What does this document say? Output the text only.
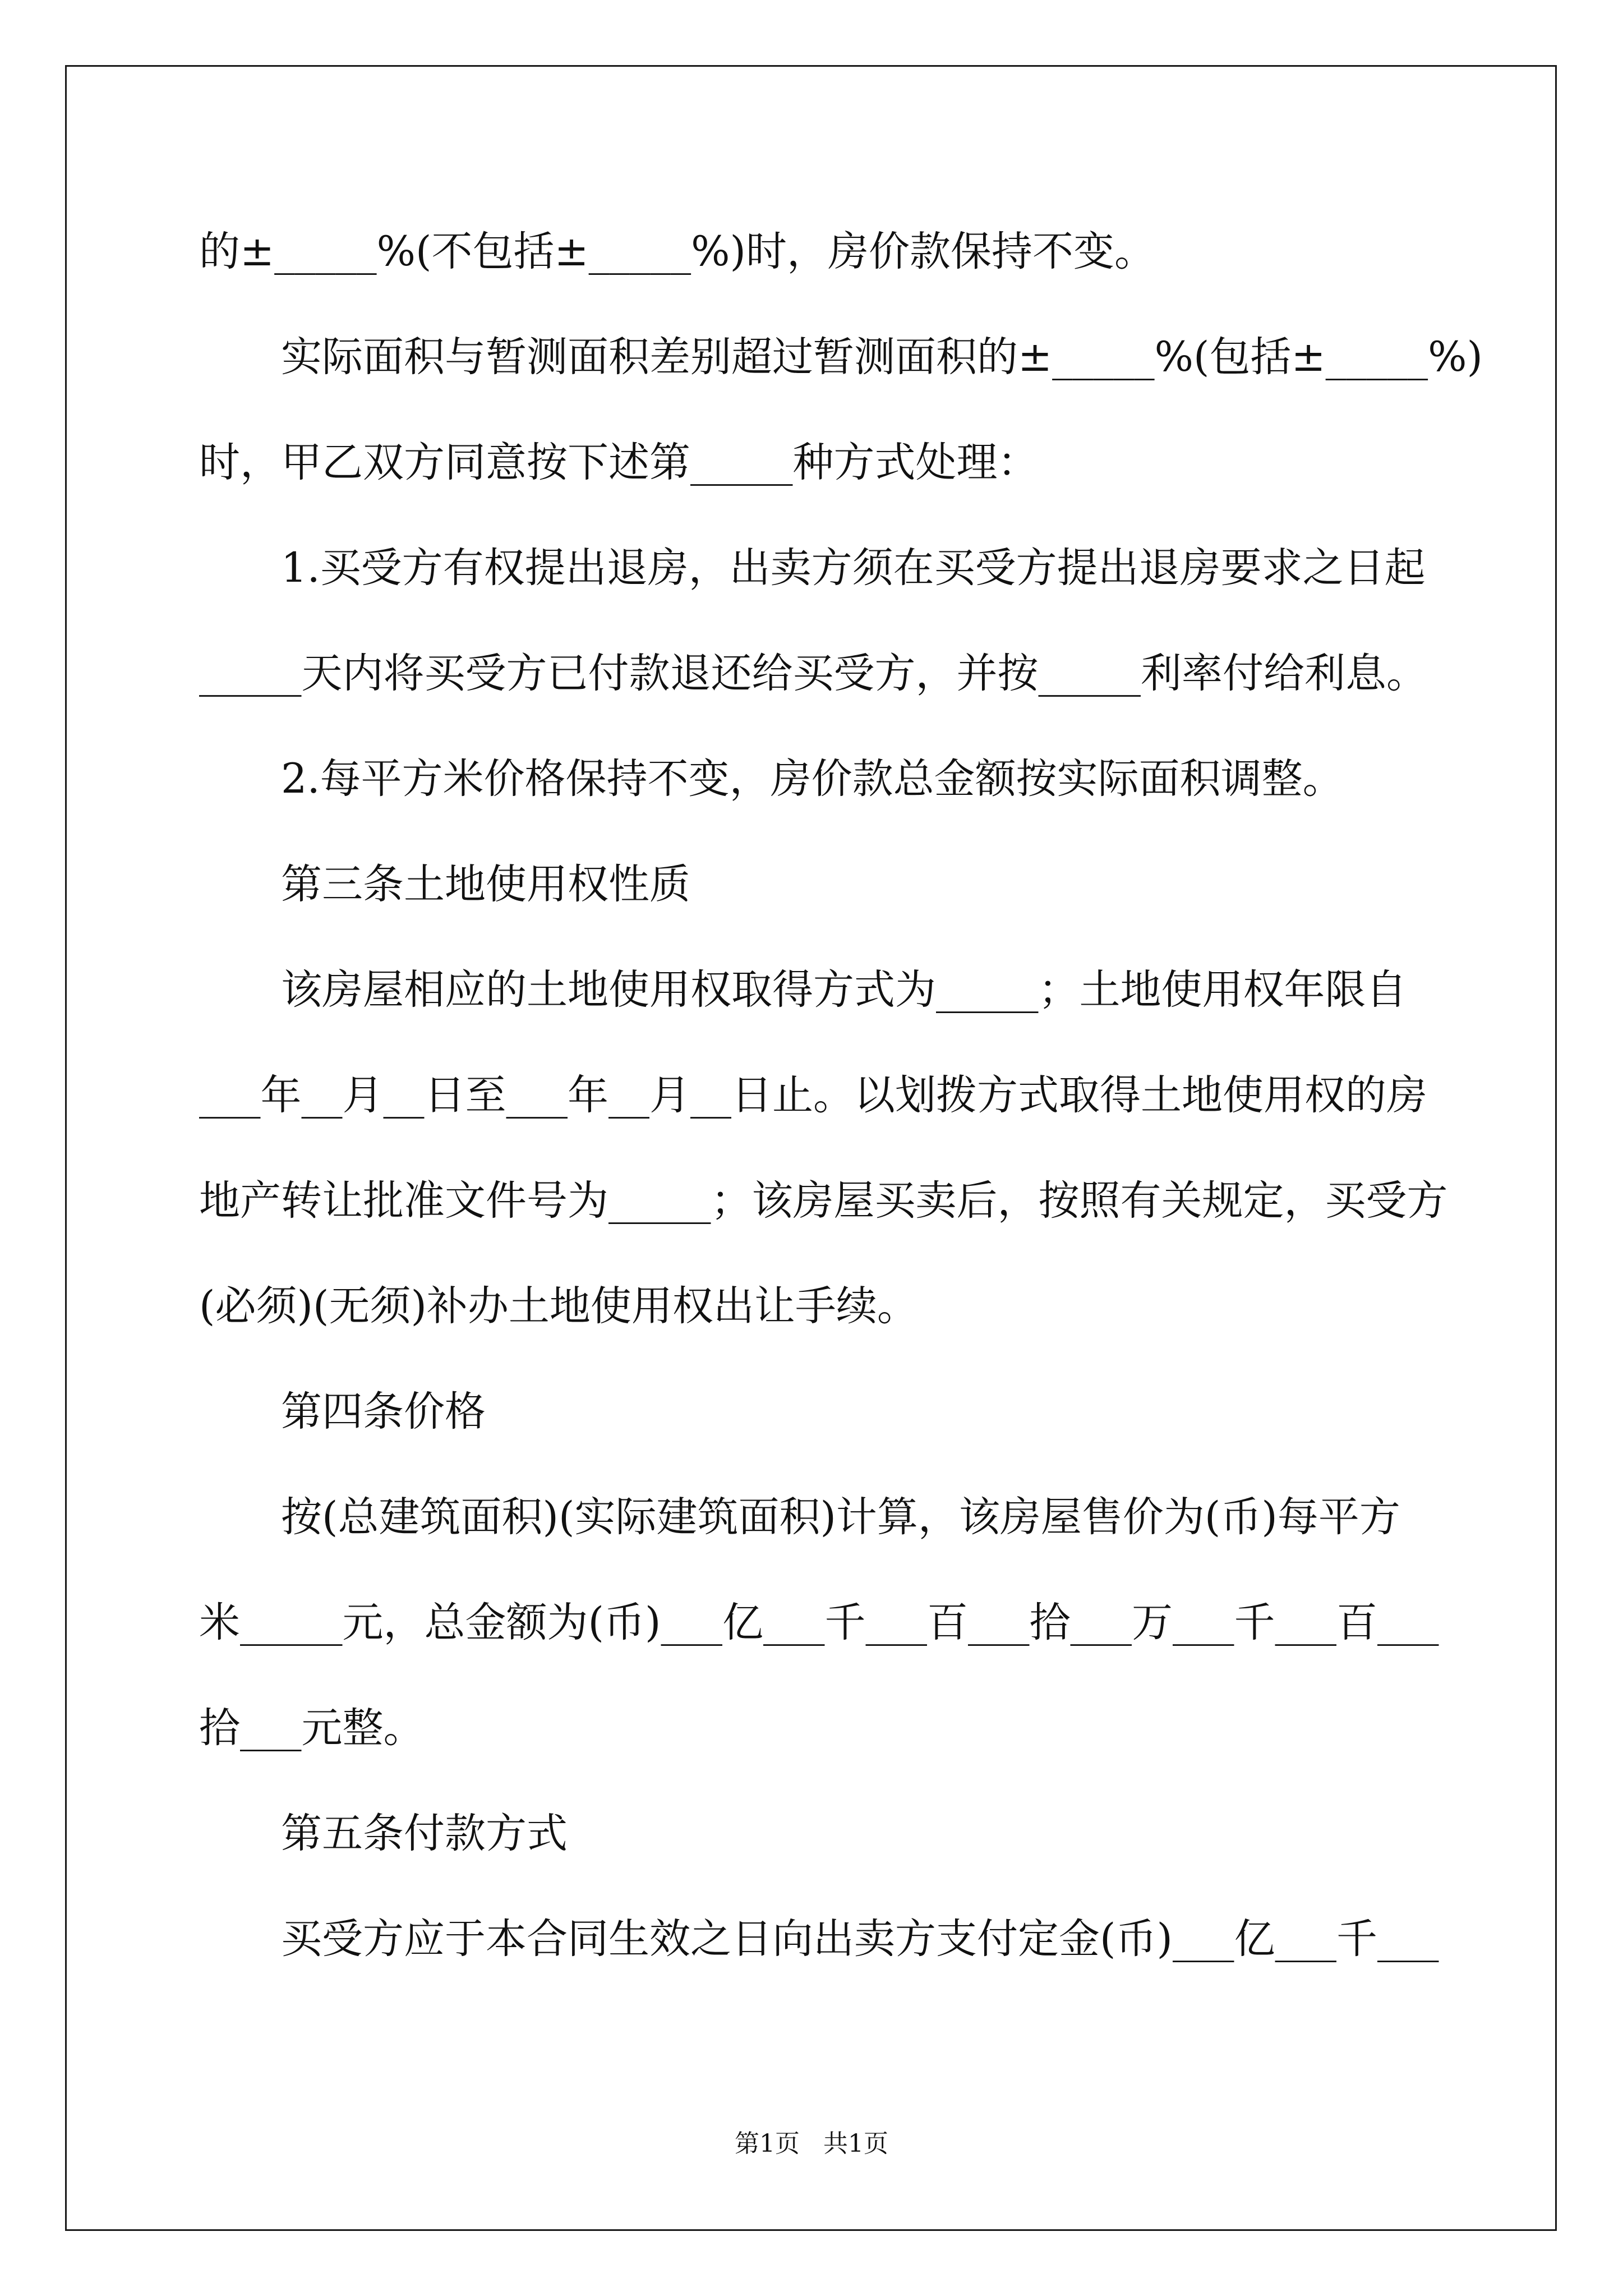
的±_____%(不包括±_____%)时，房价款保持不变。

实际面积与暂测面积差别超过暂测面积的±_____%(包括±_____%)

时，甲乙双方同意按下述第_____种方式处理：

1.买受方有权提出退房，出卖方须在买受方提出退房要求之日起

_____天内将买受方已付款退还给买受方，并按_____利率付给利息。

2.每平方米价格保持不变，房价款总金额按实际面积调整。

第三条土地使用权性质

该房屋相应的土地使用权取得方式为_____；土地使用权年限自

___年__月__日至___年__月__日止。以划拨方式取得土地使用权的房

地产转让批准文件号为_____；该房屋买卖后，按照有关规定，买受方

(必须)(无须)补办土地使用权出让手续。

第四条价格

按(总建筑面积)(实际建筑面积)计算，该房屋售价为(币)每平方

米_____元，总金额为(币)___亿___千___百___拾___万___千___百___

拾___元整。

第五条付款方式

买受方应于本合同生效之日向出卖方支付定金(币)___亿___千___

第1页   共1页
